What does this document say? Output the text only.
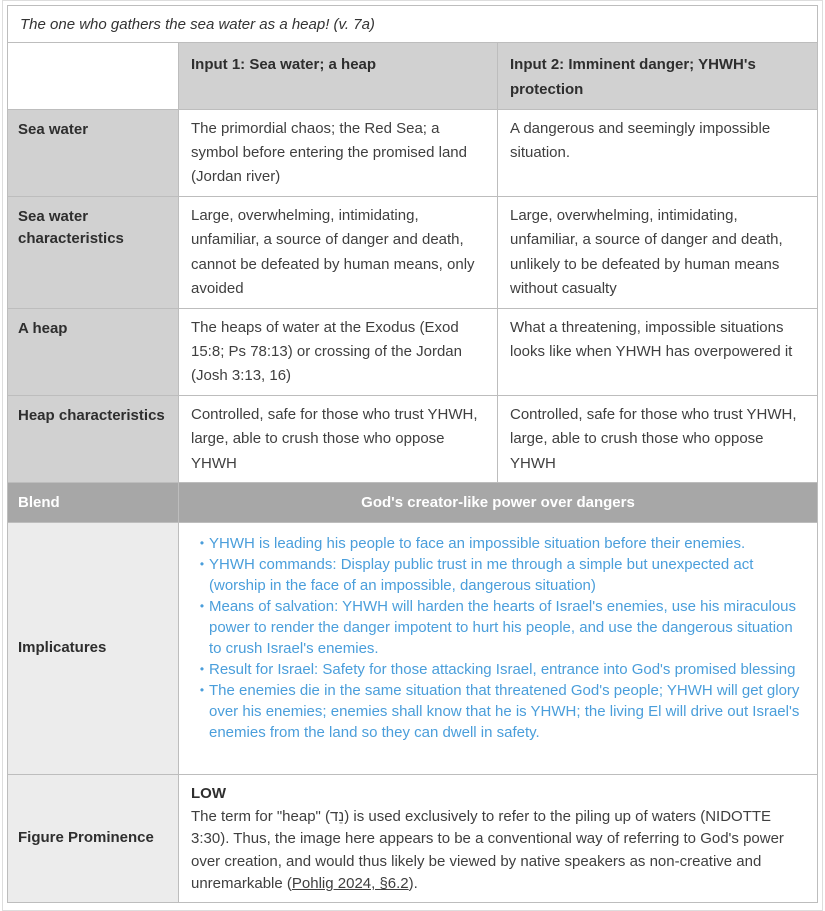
The one who gathers the sea water as a heap! (v. 7a)		
	Input 1: Sea water; a heap	Input 2: Imminent danger; YHWH's protection
Sea water	The primordial chaos; the Red Sea; a symbol before entering the promised land (Jordan river)	A dangerous and seemingly impossible situation.
Sea water characteristics	Large, overwhelming, intimidating, unfamiliar, a source of danger and death, cannot be defeated by human means, only avoided	Large, overwhelming, intimidating, unfamiliar, a source of danger and death, unlikely to be defeated by human means without casualty
A heap	The heaps of water at the Exodus (Exod 15:8; Ps 78:13) or crossing of the Jordan (Josh 3:13, 16)	What a threatening, impossible situations looks like when YHWH has overpowered it
Heap characteristics	Controlled, safe for those who trust YHWH, large, able to crush those who oppose YHWH	Controlled, safe for those who trust YHWH, large, able to crush those who oppose YHWH
Blend	God's creator-like power over dangers	
Implicatures	
• YHWH is leading his people to face an impossible situation before their enemies.
• YHWH commands: Display public trust in me through a simple but unexpected act (worship in the face of an impossible, dangerous situation)
• Means of salvation: YHWH will harden the hearts of Israel's enemies, use his miraculous power to render the danger impotent to hurt his people, and use the dangerous situation to crush Israel's enemies.
• Result for Israel: Safety for those attacking Israel, entrance into God's promised blessing
• The enemies die in the same situation that threatened God's people; YHWH will get glory over his enemies; enemies shall know that he is YHWH; the living El will drive out Israel's enemies from the land so they can dwell in safety.

Figure Prominence	LOW

The term for "heap" (נֵד) is used exclusively to refer to the piling up of waters (NIDOTTE 3:30). Thus, the image here appears to be a conventional way of referring to God's power over creation, and would thus likely be viewed by native speakers as non-creative and unremarkable (Pohlig 2024, §6.2).	
